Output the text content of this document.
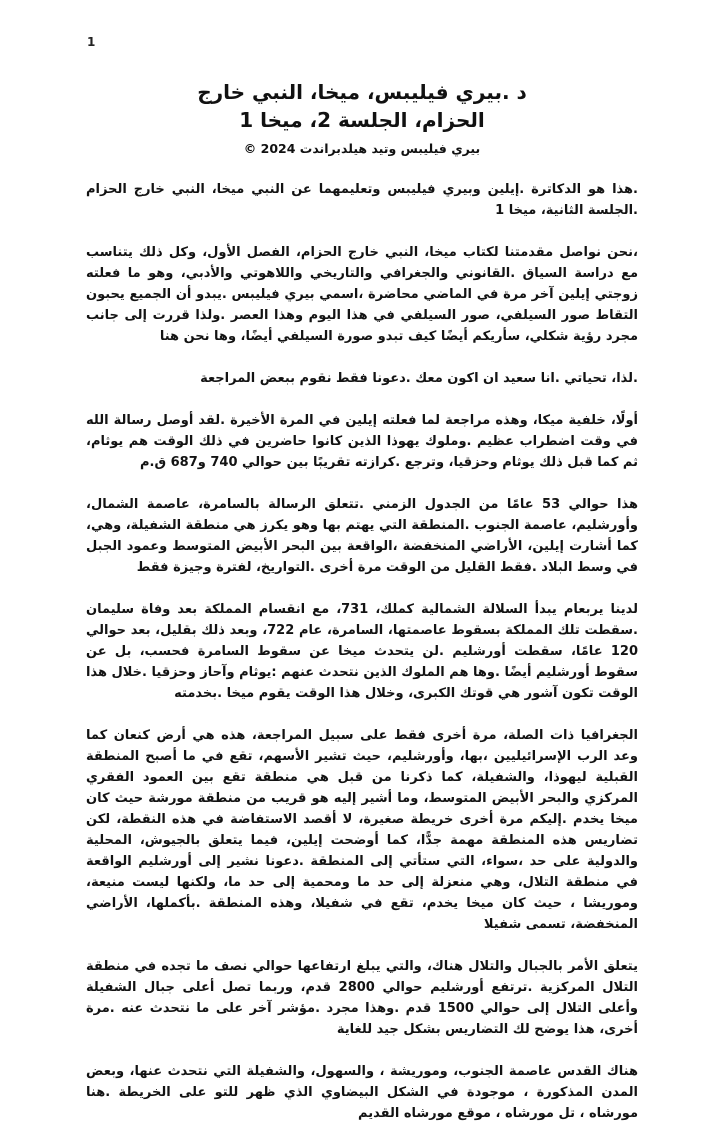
1
د .بيري فيليبس، ميخا، النبي خارج
الحزام، الجلسة 2، ميخا 1
بيري فيليبس وتيد هيلدبراندت 2024 ©

.هذا هو الدكاترة .إيلين وبيري فيليبس وتعليمهما عن النبي ميخا، النبي خارج الحزام .الجلسة الثانية، ميخا 1

،نحن نواصل مقدمتنا لكتاب ميخا، النبي خارج الحزام، الفصل الأول، وكل ذلك يتناسب مع دراسة السياق .القانوني والجغرافي والتاريخي واللاهوتي والأدبي، وهو ما فعلته زوجتي إيلين آخر مرة في الماضي محاضرة ،اسمي بيري فيليبس .يبدو أن الجميع يحبون التقاط صور السيلفي، صور السيلفي في هذا اليوم وهذا العصر .ولذا قررت إلى جانب مجرد رؤية شكلي، سأريكم أيضًا كيف تبدو صورة السيلفي أيضًا، وها نحن هنا

.لذا، تحياتي .انا سعيد ان اكون معك .دعونا فقط نقوم ببعض المراجعة

أولًا، خلفية ميكا، وهذه مراجعة لما فعلته إيلين في المرة الأخيرة .لقد أوصل رسالة الله في وقت اضطراب عظيم .وملوك يهوذا الذين كانوا حاضرين في ذلك الوقت هم يوثام، ثم كما قبل ذلك يوثام وحزقيا، وترجع .كرازته تقريبًا بين حوالي 740 و687 ق.م

هذا حوالي 53 عامًا من الجدول الزمني .تتعلق الرسالة بالسامرة، عاصمة الشمال، وأورشليم، عاصمة الجنوب .المنطقة التي يهتم بها وهو يكرز هي منطقة الشفيلة، وهي، كما أشارت إيلين، الأراضي المنخفضة ،الواقعة بين البحر الأبيض المتوسط وعمود الجبل في وسط البلاد .فقط القليل من الوقت مرة أخرى .التواريخ، لفترة وجيزة فقط

لدينا يربعام يبدأ السلالة الشمالية كملك، 731، مع انقسام المملكة بعد وفاة سليمان .سقطت تلك المملكة بسقوط عاصمتها، السامرة، عام 722، وبعد ذلك بقليل، بعد حوالي 120 عامًا، سقطت أورشليم .لن يتحدث ميخا عن سقوط السامرة فحسب، بل عن سقوط أورشليم أيضًا .وها هم الملوك الذين نتحدث عنهم :يوثام وآحاز وحزقيا .خلال هذا الوقت تكون آشور هي قوتك الكبرى، وخلال هذا الوقت يقوم ميخا .بخدمته

الجغرافيا ذات الصلة، مرة أخرى فقط على سبيل المراجعة، هذه هي أرض كنعان كما وعد الرب الإسرائيليين ،بها، وأورشليم، حيث تشير الأسهم، تقع في ما أصبح المنطقة القبلية ليهوذا، والشفيلة، كما ذكرنا من قبل هي منطقة تقع بين العمود الفقري المركزي والبحر الأبيض المتوسط، وما أشير إليه هو قريب من منطقة مورشة حيث كان ميخا يخدم .إليكم مرة أخرى خريطة صغيرة، لا أقصد الاستفاضة في هذه النقطة، لكن تضاريس هذه المنطقة مهمة جدًّا، كما أوضحت إيلين، فيما يتعلق بالجيوش، المحلية والدولية على حد ،سواء، التي ستأتي إلى المنطقة .دعونا نشير إلى أورشليم الواقعة في منطقة التلال، وهي منعزلة إلى حد ما ومحمية إلى حد ما، ولكنها ليست منيعة، وموريشا ، حيث كان ميخا يخدم، تقع في شفيلا، وهذه المنطقة .بأكملها، الأراضي المنخفضة، تسمى شفيلا

يتعلق الأمر بالجبال والتلال هناك، والتي يبلغ ارتفاعها حوالي نصف ما تجده في منطقة التلال المركزية .ترتفع أورشليم حوالي 2800 قدم، وربما تصل أعلى جبال الشفيلة وأعلى التلال إلى حوالي 1500 قدم .وهذا مجرد .مؤشر آخر على ما نتحدث عنه .مرة أخرى، هذا يوضح لك التضاريس بشكل جيد للغاية

هناك القدس عاصمة الجنوب، وموريشة ، والسهول، والشفيلة التي نتحدث عنها، وبعض المدن المذكورة ، موجودة في الشكل البيضاوي الذي ظهر للتو على الخريطة .هنا مورشاه ، تل مورشاه ، موقع مورشاه القديم
